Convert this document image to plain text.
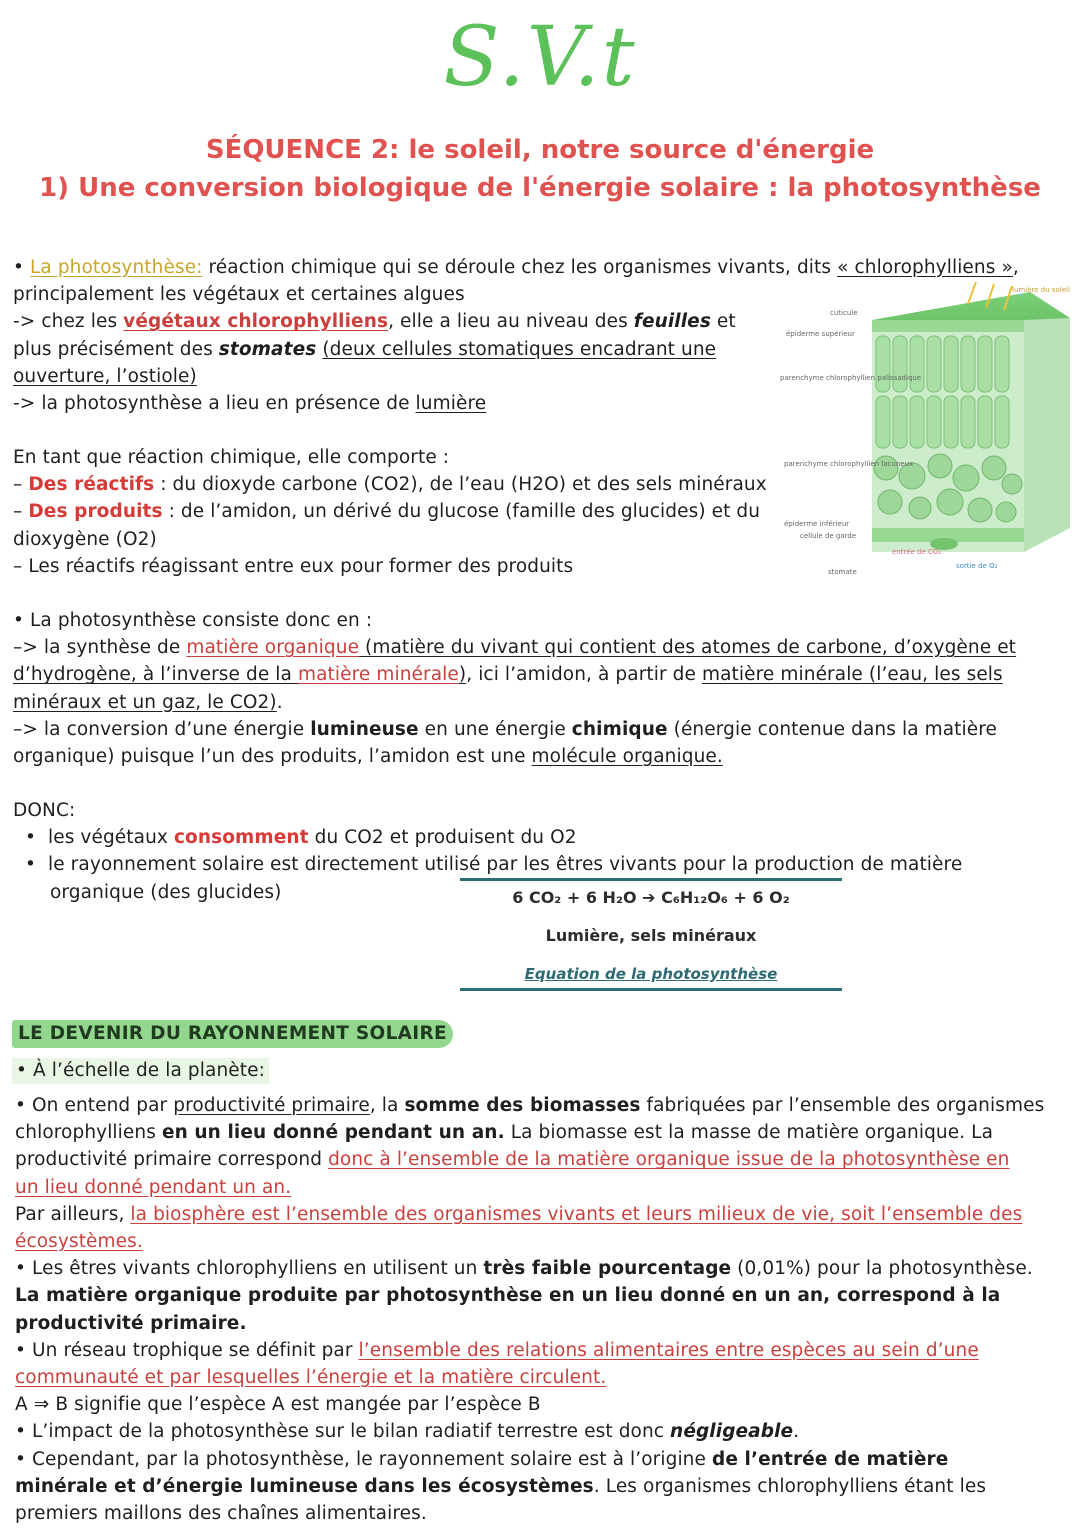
S.V.t
SÉQUENCE 2: le soleil, notre source d'énergie
1) Une conversion biologique de l'énergie solaire : la photosynthèse
• La photosynthèse: réaction chimique qui se déroule chez les organismes vivants, dits « chlorophylliens »,
principalement les végétaux et certaines algues
-> chez les végétaux chlorophylliens, elle a lieu au niveau des feuilles et
plus précisément des stomates (deux cellules stomatiques encadrant une
ouverture, l’ostiole)
-> la photosynthèse a lieu en présence de lumière
En tant que réaction chimique, elle comporte :
– Des réactifs : du dioxyde carbone (CO2), de l’eau (H2O) et des sels minéraux
– Des produits : de l’amidon, un dérivé du glucose (famille des glucides) et du
dioxygène (O2)
– Les réactifs réagissant entre eux pour former des produits
lumière du soleil
cuticule
épiderme supérieur
parenchyme chlorophyllien palissadique
parenchyme chlorophyllien lacuneux
épiderme inférieur
cellule de garde
stomate
entrée de CO₂
sortie de O₂
• La photosynthèse consiste donc en :
–> la synthèse de matière organique (matière du vivant qui contient des atomes de carbone, d’oxygène et
d’hydrogène, à l’inverse de la matière minérale), ici l’amidon, à partir de matière minérale (l’eau, les sels
minéraux et un gaz, le CO2).
–> la conversion d’une énergie lumineuse en une énergie chimique (énergie contenue dans la matière
organique) puisque l’un des produits, l’amidon est une molécule organique.
DONC:
•  les végétaux consomment du CO2 et produisent du O2
•  le rayonnement solaire est directement utilisé par les êtres vivants pour la production de matière
organique (des glucides)	6 CO₂ + 6 H₂O ➔ C₆H₁₂O₆ + 6 O₂
Lumière, sels minéraux
Equation de la photosynthèse
LE DEVENIR DU RAYONNEMENT SOLAIRE
• À l’échelle de la planète:
• On entend par productivité primaire, la somme des biomasses fabriquées par l’ensemble des organismes
chlorophylliens en un lieu donné pendant un an. La biomasse est la masse de matière organique. La
productivité primaire correspond donc à l’ensemble de la matière organique issue de la photosynthèse en
un lieu donné pendant un an.
Par ailleurs, la biosphère est l’ensemble des organismes vivants et leurs milieux de vie, soit l’ensemble des
écosystèmes.
• Les êtres vivants chlorophylliens en utilisent un très faible pourcentage (0,01%) pour la photosynthèse.
La matière organique produite par photosynthèse en un lieu donné en un an, correspond à la
productivité primaire.
• Un réseau trophique se définit par l’ensemble des relations alimentaires entre espèces au sein d’une
communauté et par lesquelles l’énergie et la matière circulent.
A ⇒ B signifie que l’espèce A est mangée par l’espèce B
• L’impact de la photosynthèse sur le bilan radiatif terrestre est donc négligeable.
• Cependant, par la photosynthèse, le rayonnement solaire est à l’origine de l’entrée de matière
minérale et d’énergie lumineuse dans les écosystèmes. Les organismes chlorophylliens étant les
premiers maillons des chaînes alimentaires.
